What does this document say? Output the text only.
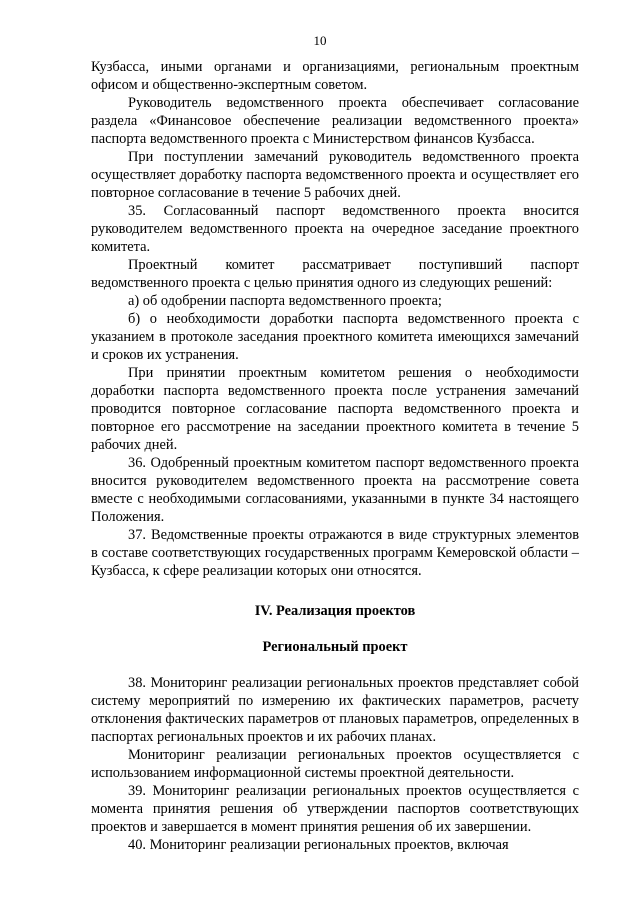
10

Кузбасса, иными органами и организациями, региональным проектным офисом и общественно-экспертным советом.

Руководитель ведомственного проекта обеспечивает согласование раздела «Финансовое обеспечение реализации ведомственного проекта» паспорта ведомственного проекта с Министерством финансов Кузбасса.

При поступлении замечаний руководитель ведомственного проекта осуществляет доработку паспорта ведомственного проекта и осуществляет его повторное согласование в течение 5 рабочих дней.

35. Согласованный паспорт ведомственного проекта вносится руководителем ведомственного проекта на очередное заседание проектного комитета.

Проектный комитет рассматривает поступивший паспорт ведомственного проекта с целью принятия одного из следующих решений:

а) об одобрении паспорта ведомственного проекта;

б) о необходимости доработки паспорта ведомственного проекта с указанием в протоколе заседания проектного комитета имеющихся замечаний и сроков их устранения.

При принятии проектным комитетом решения о необходимости доработки паспорта ведомственного проекта после устранения замечаний проводится повторное согласование паспорта ведомственного проекта и повторное его рассмотрение на заседании проектного комитета в течение 5 рабочих дней.

36. Одобренный проектным комитетом паспорт ведомственного проекта вносится руководителем ведомственного проекта на рассмотрение совета вместе с необходимыми согласованиями, указанными в пункте 34 настоящего Положения.

37. Ведомственные проекты отражаются в виде структурных элементов в составе соответствующих государственных программ Кемеровской области – Кузбасса, к сфере реализации которых они относятся.

IV. Реализация проектов

Региональный проект

38. Мониторинг реализации региональных проектов представляет собой систему мероприятий по измерению их фактических параметров, расчету отклонения фактических параметров от плановых параметров, определенных в паспортах региональных проектов и их рабочих планах.

Мониторинг реализации региональных проектов осуществляется с использованием информационной системы проектной деятельности.

39. Мониторинг реализации региональных проектов осуществляется с момента принятия решения об утверждении паспортов соответствующих проектов и завершается в момент принятия решения об их завершении.

40. Мониторинг реализации региональных проектов, включая
